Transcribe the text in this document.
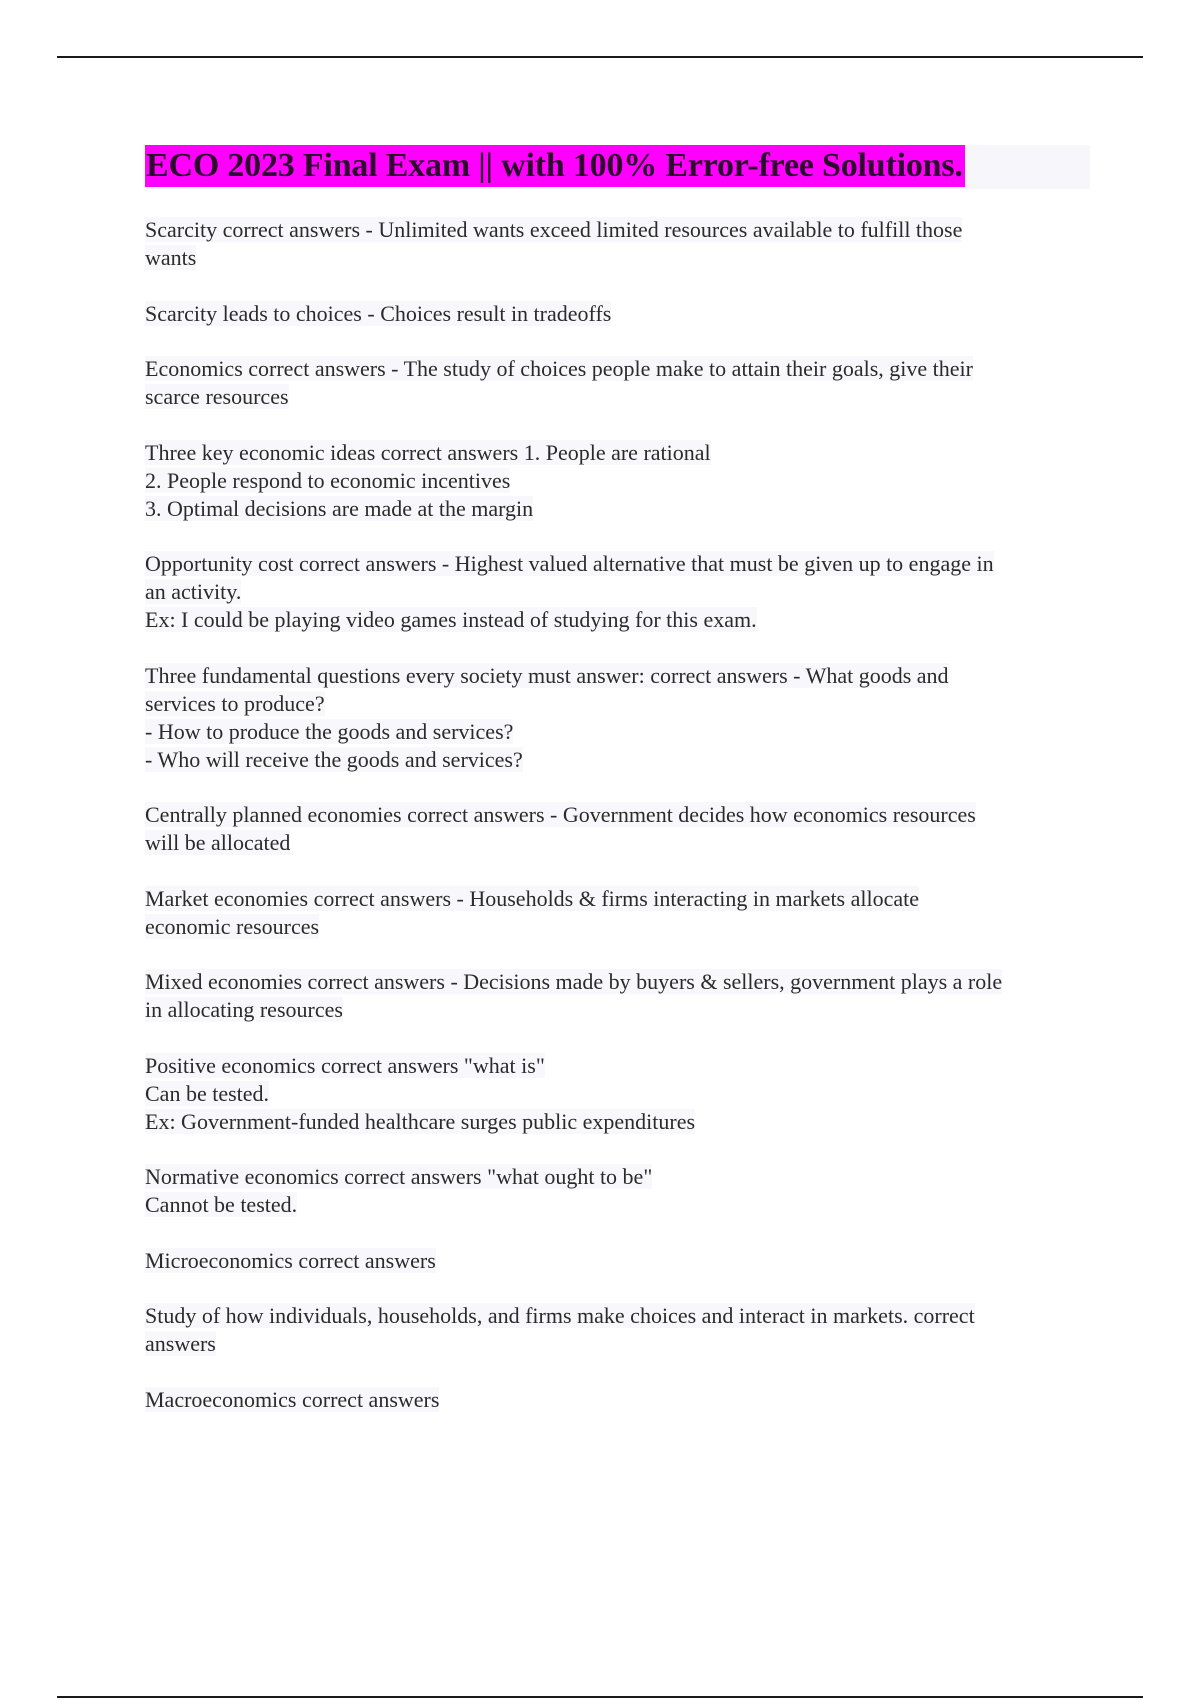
ECO 2023 Final Exam || with 100% Error-free Solutions.
Scarcity correct answers - Unlimited wants exceed limited resources available to fulfill those
wants
Scarcity leads to choices - Choices result in tradeoffs
Economics correct answers - The study of choices people make to attain their goals, give their
scarce resources
Three key economic ideas correct answers 1. People are rational
2. People respond to economic incentives
3. Optimal decisions are made at the margin
Opportunity cost correct answers - Highest valued alternative that must be given up to engage in
an activity.
Ex: I could be playing video games instead of studying for this exam.
Three fundamental questions every society must answer: correct answers - What goods and
services to produce?
- How to produce the goods and services?
- Who will receive the goods and services?
Centrally planned economies correct answers - Government decides how economics resources
will be allocated
Market economies correct answers - Households & firms interacting in markets allocate
economic resources
Mixed economies correct answers - Decisions made by buyers & sellers, government plays a role
in allocating resources
Positive economics correct answers "what is"
Can be tested.
Ex: Government-funded healthcare surges public expenditures
Normative economics correct answers "what ought to be"
Cannot be tested.
Microeconomics correct answers
Study of how individuals, households, and firms make choices and interact in markets. correct
answers
Macroeconomics correct answers
